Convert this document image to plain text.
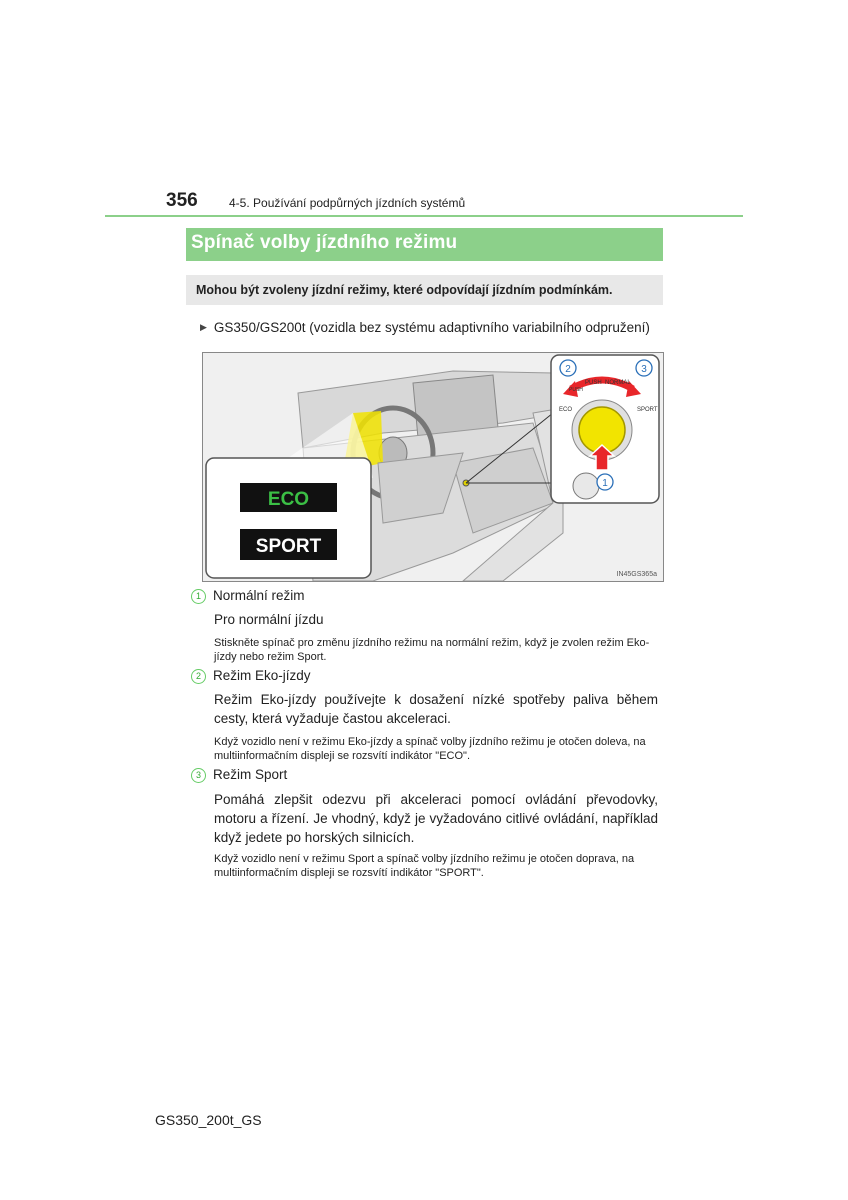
356	4-5. Používání podpůrných jízdních systémů
Spínač volby jízdního režimu
Mohou být zvoleny jízdní režimy, které odpovídají jízdním podmínkám.
▶ GS350/GS200t (vozidla bez systému adaptivního variabilního odpružení)
ECO
SPORT
PUSH
PUSH NORMAL
ECO	SPORT
2	3
1
IN45GS365a
1 Normální režim
Pro normální jízdu
Stiskněte spínač pro změnu jízdního režimu na normální režim, když je zvolen režim Eko-jízdy nebo režim Sport.
2 Režim Eko-jízdy
Režim Eko-jízdy používejte k dosažení nízké spotřeby paliva během cesty, která vyžaduje častou akceleraci.
Když vozidlo není v režimu Eko-jízdy a spínač volby jízdního režimu je otočen doleva, na multiinformačním displeji se rozsvítí indikátor "ECO".
3 Režim Sport
Pomáhá zlepšit odezvu při akceleraci pomocí ovládání převodovky, motoru a řízení. Je vhodný, když je vyžadováno citlivé ovládání, například když jedete po horských silnicích.
Když vozidlo není v režimu Sport a spínač volby jízdního režimu je otočen doprava, na multiinformačním displeji se rozsvítí indikátor "SPORT".
GS350_200t_GS
